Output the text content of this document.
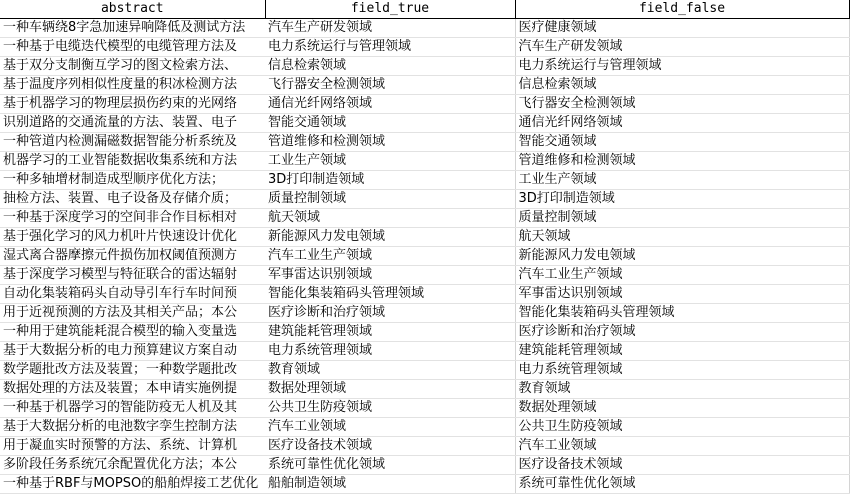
abstract	field_true	field_false
一种车辆绕8字急加速异响降低及测试方法	汽车生产研发领域	医疗健康领域
一种基于电缆迭代模型的电缆管理方法及	电力系统运行与管理领域	汽车生产研发领域
基于双分支制衡互学习的图文检索方法、	信息检索领域	电力系统运行与管理领域
基于温度序列相似性度量的积冰检测方法	飞行器安全检测领域	信息检索领域
基于机器学习的物理层损伤约束的光网络	通信光纤网络领域	飞行器安全检测领域
识别道路的交通流量的方法、装置、电子	智能交通领域	通信光纤网络领域
一种管道内检测漏磁数据智能分析系统及	管道维修和检测领域	智能交通领域
机器学习的工业智能数据收集系统和方法	工业生产领域	管道维修和检测领域
一种多轴增材制造成型顺序优化方法；	3D打印制造领域	工业生产领域
抽检方法、装置、电子设备及存储介质；	质量控制领域	3D打印制造领域
一种基于深度学习的空间非合作目标相对	航天领域	质量控制领域
基于强化学习的风力机叶片快速设计优化	新能源风力发电领域	航天领域
湿式离合器摩擦元件损伤加权阈值预测方	汽车工业生产领域	新能源风力发电领域
基于深度学习模型与特征联合的雷达辐射	军事雷达识别领域	汽车工业生产领域
自动化集装箱码头自动导引车行车时间预	智能化集装箱码头管理领域	军事雷达识别领域
用于近视预测的方法及其相关产品；本公	医疗诊断和治疗领域	智能化集装箱码头管理领域
一种用于建筑能耗混合模型的输入变量选	建筑能耗管理领域	医疗诊断和治疗领域
基于大数据分析的电力预算建议方案自动	电力系统管理领域	建筑能耗管理领域
数学题批改方法及装置；一种数学题批改	教育领域	电力系统管理领域
数据处理的方法及装置；本申请实施例提	数据处理领域	教育领域
一种基于机器学习的智能防疫无人机及其	公共卫生防疫领域	数据处理领域
基于大数据分析的电池数字孪生控制方法	汽车工业领域	公共卫生防疫领域
用于凝血实时预警的方法、系统、计算机	医疗设备技术领域	汽车工业领域
多阶段任务系统冗余配置优化方法；本公	系统可靠性优化领域	医疗设备技术领域
一种基于RBF与MOPSO的船舶焊接工艺优化	船舶制造领域	系统可靠性优化领域
